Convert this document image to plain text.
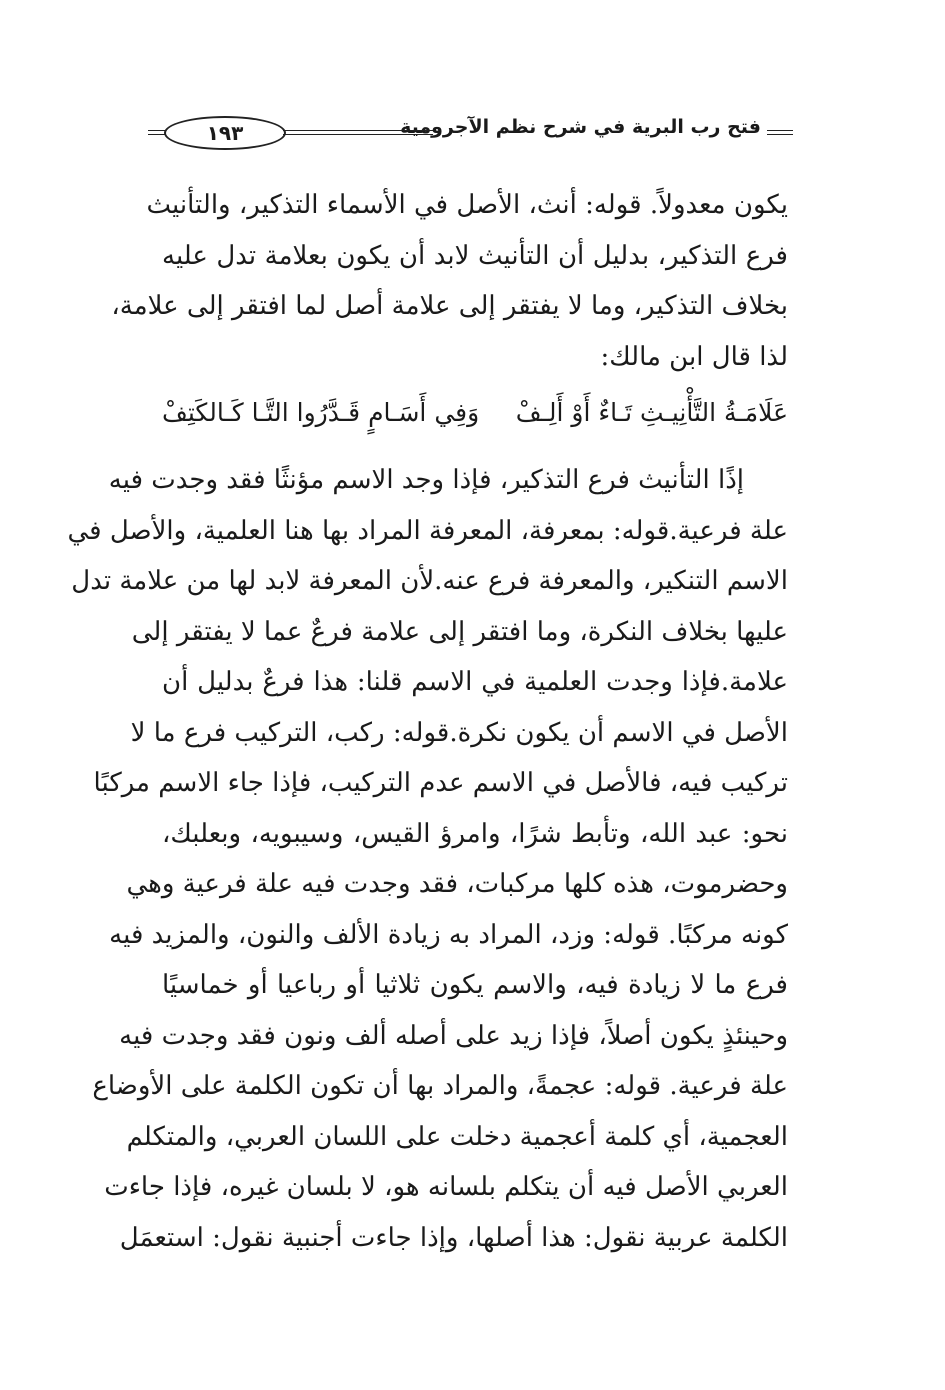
فتح رب البرية في شرح نظم الآجرومية
١٩٣
يكون معدولاً. قوله: أنث، الأصل في الأسماء التذكير، والتأنيث
فرع التذكير، بدليل أن التأنيث لابد أن يكون بعلامة تدل عليه
بخلاف التذكير، وما لا يفتقر إلى علامة أصل لما افتقر إلى علامة،
لذا قال ابن مالك:
عَلَامَـةُ التَّأْنِيـثِ تَـاءٌ أَوْ أَلِـفْ
وَفِي أَسَـامٍ قَـدَّرُوا التَّـا كَـالكَتِفْ
إذًا التأنيث فرع التذكير، فإذا وجد الاسم مؤنثًا فقد وجدت فيه
علة فرعية.قوله: بمعرفة، المعرفة المراد بها هنا العلمية، والأصل في
الاسم التنكير، والمعرفة فرع عنه.لأن المعرفة لابد لها من علامة تدل
عليها بخلاف النكرة، وما افتقر إلى علامة فرعٌ عما لا يفتقر إلى
علامة.فإذا وجدت العلمية في الاسم قلنا: هذا فرعٌ بدليل أن
الأصل في الاسم أن يكون نكرة.قوله: ركب، التركيب فرع ما لا
تركيب فيه، فالأصل في الاسم عدم التركيب، فإذا جاء الاسم مركبًا
نحو: عبد الله، وتأبط شرًا، وامرؤ القيس، وسيبويه، وبعلبك،
وحضرموت، هذه كلها مركبات، فقد وجدت فيه علة فرعية وهي
كونه مركبًا. قوله: وزد، المراد به زيادة الألف والنون، والمزيد فيه
فرع ما لا زيادة فيه، والاسم يكون ثلاثيا أو رباعيا أو خماسيًا
وحينئذٍ يكون أصلاً، فإذا زيد على أصله ألف ونون فقد وجدت فيه
علة فرعية. قوله: عجمةً، والمراد بها أن تكون الكلمة على الأوضاع
العجمية، أي كلمة أعجمية دخلت على اللسان العربي، والمتكلم
العربي الأصل فيه أن يتكلم بلسانه هو، لا بلسان غيره، فإذا جاءت
الكلمة عربية نقول: هذا أصلها، وإذا جاءت أجنبية نقول: استعمَل
